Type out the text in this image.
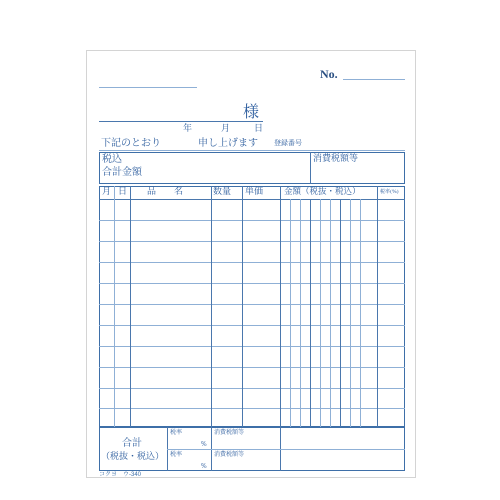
No.
様
年	月	日
下記のとおり	申し上げます 登録番号
税込
合計金額
消費税額等
月 日 品　　名	数量 単価 金額（税抜・税込）	税率(%)
合計
（税抜・税込）
税率
%
税率
%
消費税額等
消費税額等
コクヨ　ウ-340
